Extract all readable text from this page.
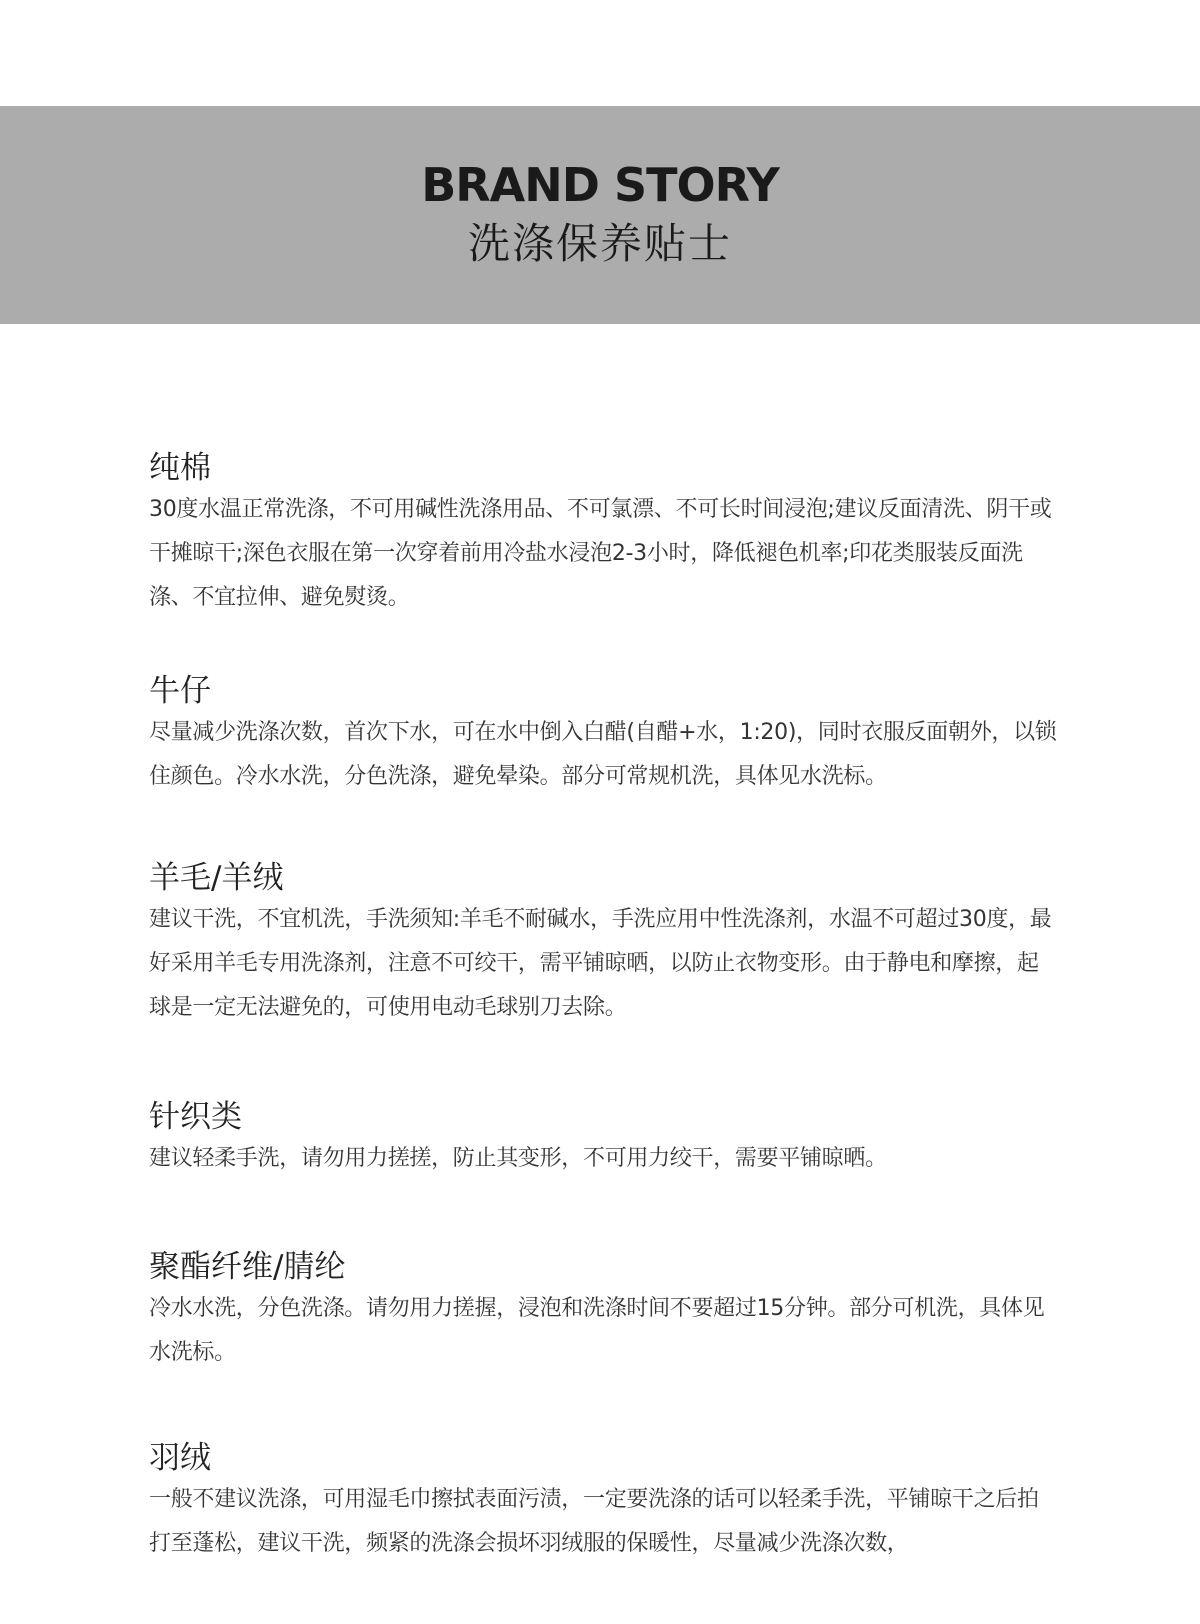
BRAND STORY
洗涤保养贴士
纯棉

30度水温正常洗涤，不可用碱性洗涤用品、不可氯漂、不可长时间浸泡;建议反面清洗、阴干或干摊晾干;深色衣服在第一次穿着前用冷盐水浸泡2-3小时，降低褪色机率;印花类服装反面洗涤、不宜拉伸、避免熨烫。

牛仔

尽量减少洗涤次数，首次下水，可在水中倒入白醋(自醋+水，1:20)，同时衣服反面朝外，以锁住颜色。冷水水洗，分色洗涤，避免晕染。部分可常规机洗，具体见水洗标。

羊毛/羊绒

建议干洗，不宜机洗，手洗须知:羊毛不耐碱水，手洗应用中性洗涤剂，水温不可超过30度，最好采用羊毛专用洗涤剂，注意不可绞干，需平铺晾晒，以防止衣物变形。由于静电和摩擦，起球是一定无法避免的，可使用电动毛球别刀去除。

针织类

建议轻柔手洗，请勿用力搓搓，防止其变形，不可用力绞干，需要平铺晾晒。

聚酯纤维/腈纶

冷水水洗，分色洗涤。请勿用力搓握，浸泡和洗涤时间不要超过15分钟。部分可机洗，具体见水洗标。

羽绒

一般不建议洗涤，可用湿毛巾擦拭表面污渍，一定要洗涤的话可以轻柔手洗，平铺晾干之后拍打至蓬松，建议干洗，频紧的洗涤会损坏羽绒服的保暖性，尽量减少洗涤次数，
